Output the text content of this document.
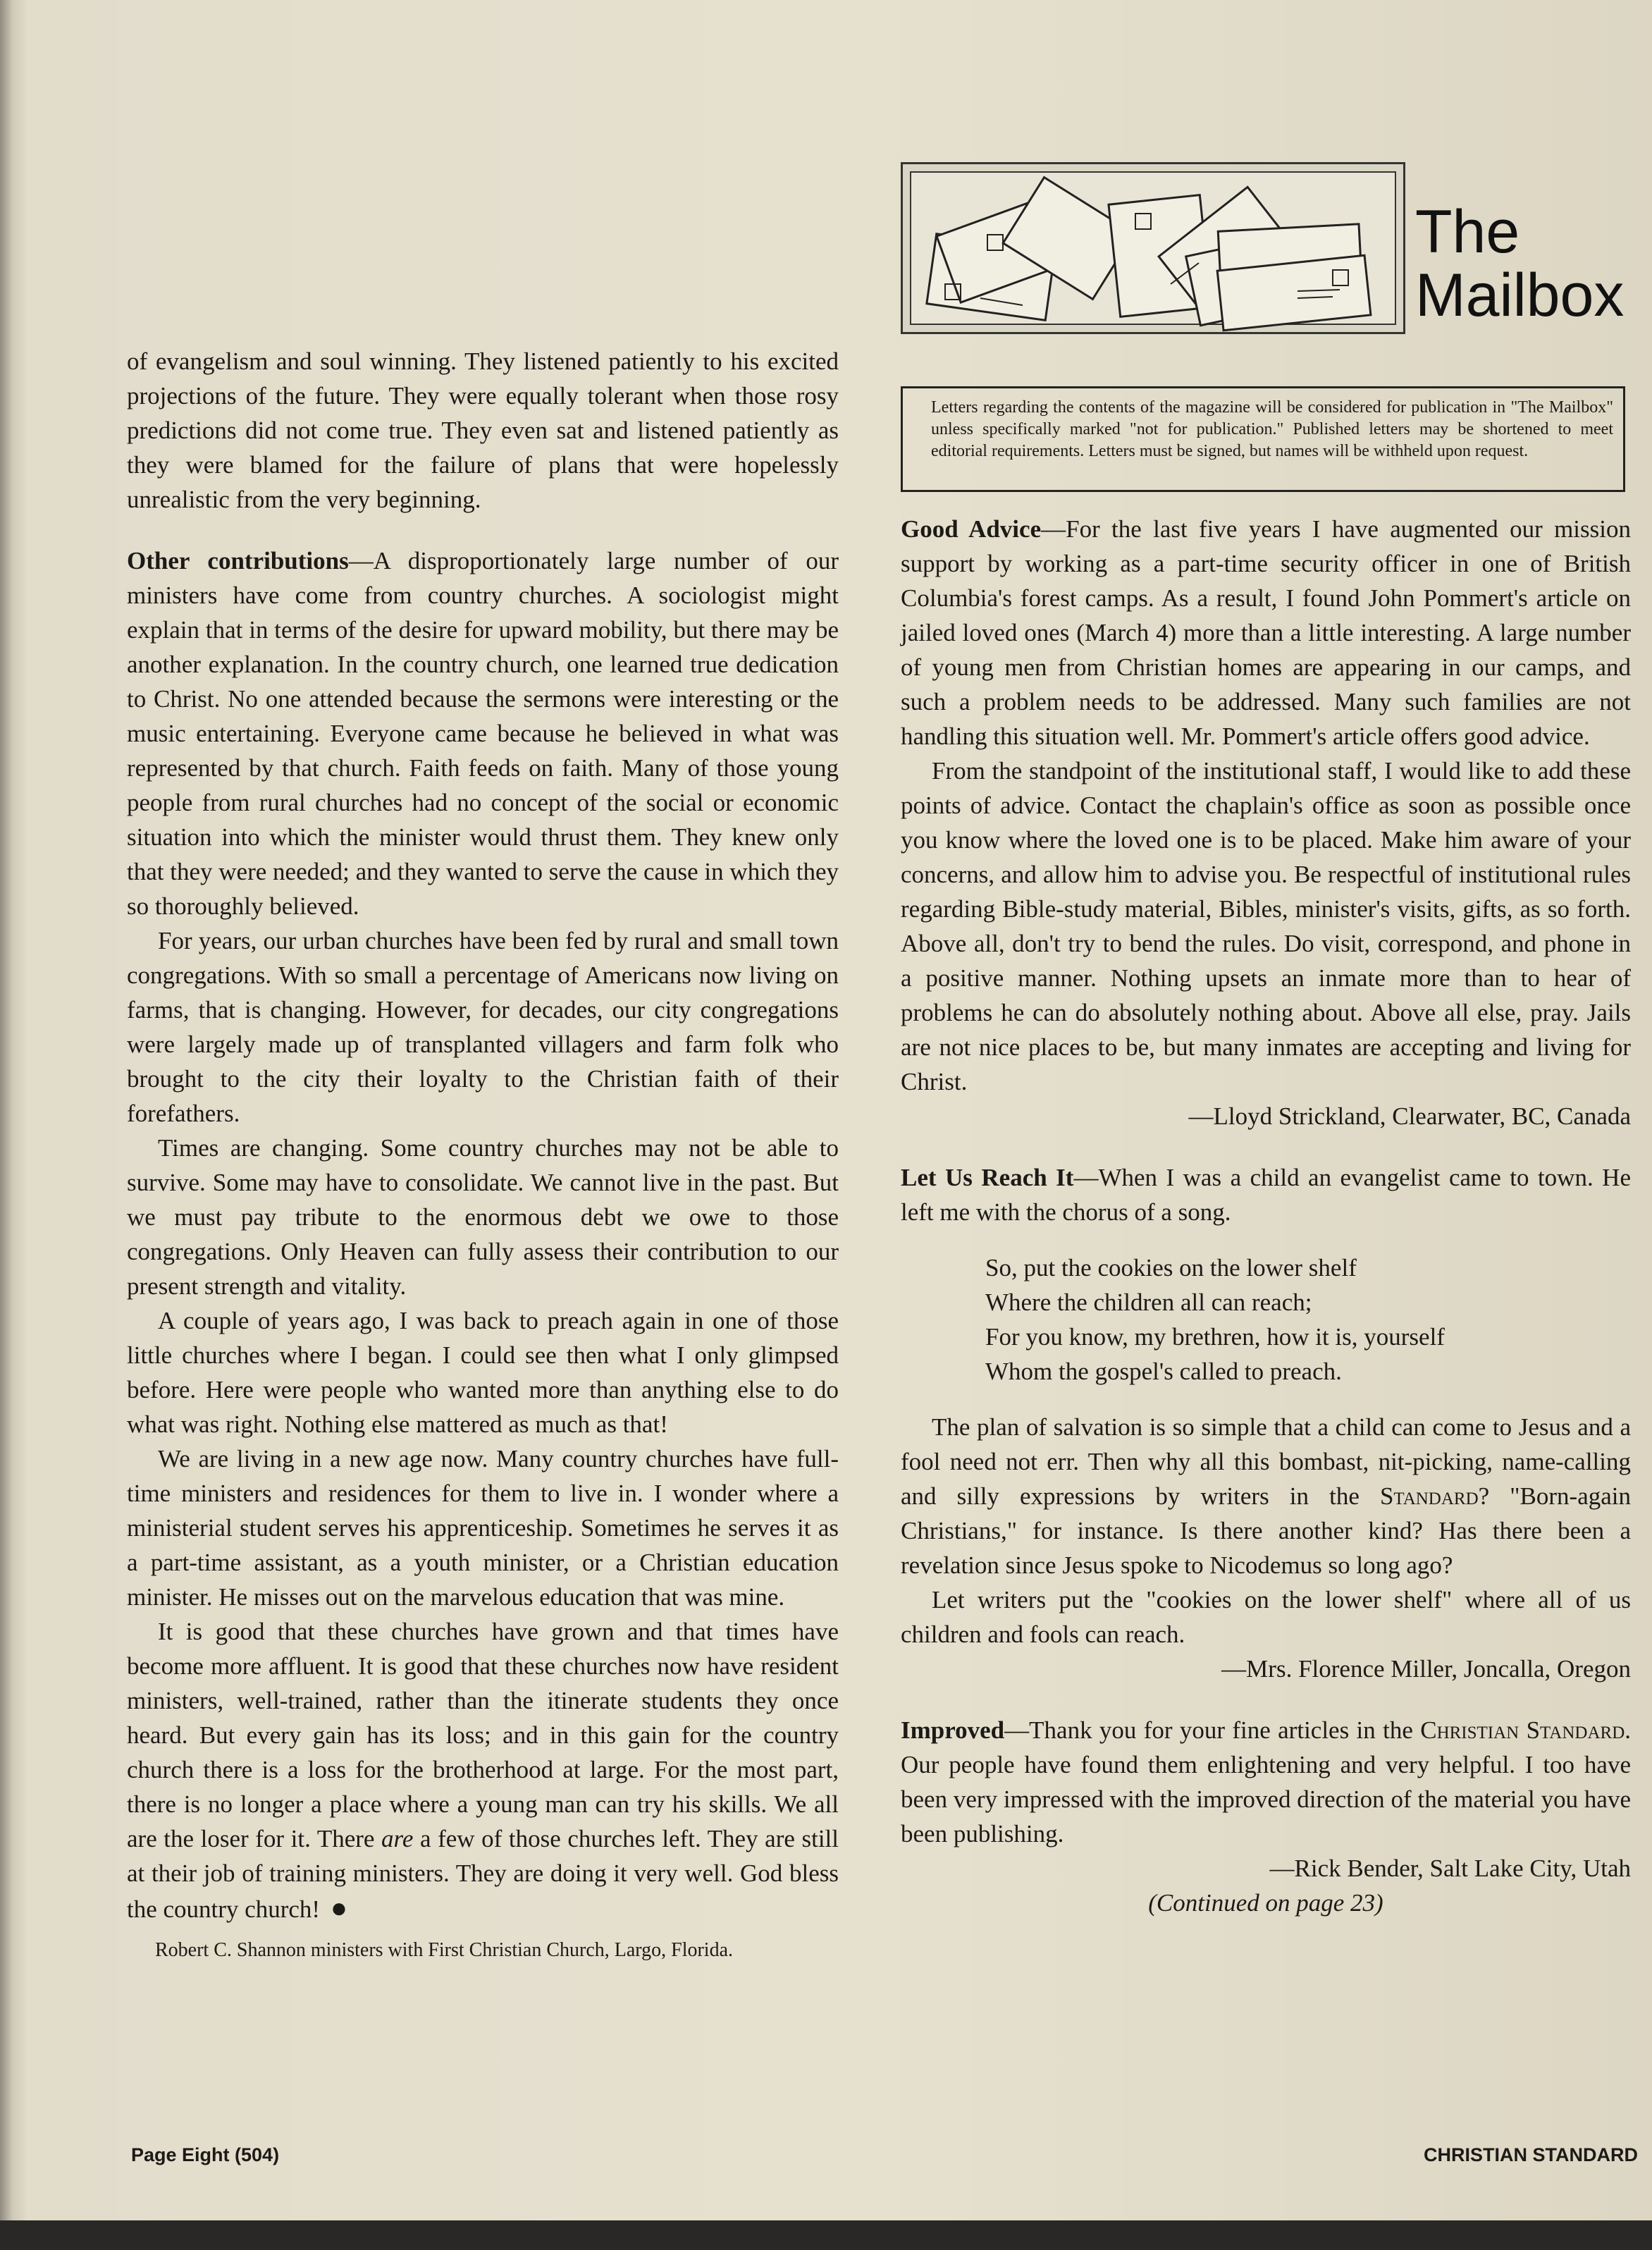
of evangelism and soul winning. They listened patiently to his excited projections of the future. They were equally tolerant when those rosy predictions did not come true. They even sat and listened patiently as they were blamed for the failure of plans that were hopelessly unrealistic from the very beginning.

Other contributions—A disproportionately large number of our ministers have come from country churches. A sociologist might explain that in terms of the desire for upward mobility, but there may be another explanation. In the country church, one learned true dedication to Christ. No one attended because the sermons were interesting or the music entertaining. Everyone came because he believed in what was represented by that church. Faith feeds on faith. Many of those young people from rural churches had no concept of the social or economic situation into which the minister would thrust them. They knew only that they were needed; and they wanted to serve the cause in which they so thoroughly believed.

For years, our urban churches have been fed by rural and small town congregations. With so small a percentage of Americans now living on farms, that is changing. However, for decades, our city congregations were largely made up of transplanted villagers and farm folk who brought to the city their loyalty to the Christian faith of their forefathers.

Times are changing. Some country churches may not be able to survive. Some may have to consolidate. We cannot live in the past. But we must pay tribute to the enormous debt we owe to those congregations. Only Heaven can fully assess their contribution to our present strength and vitality.

A couple of years ago, I was back to preach again in one of those little churches where I began. I could see then what I only glimpsed before. Here were people who wanted more than anything else to do what was right. Nothing else mattered as much as that!

We are living in a new age now. Many country churches have full-time ministers and residences for them to live in. I wonder where a ministerial student serves his apprenticeship. Sometimes he serves it as a part-time assistant, as a youth minister, or a Christian education minister. He misses out on the marvelous education that was mine.

It is good that these churches have grown and that times have become more affluent. It is good that these churches now have resident ministers, well-trained, rather than the itinerate students they once heard. But every gain has its loss; and in this gain for the country church there is a loss for the brotherhood at large. For the most part, there is no longer a place where a young man can try his skills. We all are the loser for it. There are a few of those churches left. They are still at their job of training ministers. They are doing it very well. God bless the country church! ●

Robert C. Shannon ministers with First Christian Church, Largo, Florida.
The
Mailbox
Letters regarding the contents of the magazine will be considered for publication in "The Mailbox" unless specifically marked "not for publication." Published letters may be shortened to meet editorial requirements. Letters must be signed, but names will be withheld upon request.

Good Advice—For the last five years I have augmented our mission support by working as a part-time security officer in one of British Columbia's forest camps. As a result, I found John Pommert's article on jailed loved ones (March 4) more than a little interesting. A large number of young men from Christian homes are appearing in our camps, and such a problem needs to be addressed. Many such families are not handling this situation well. Mr. Pommert's article offers good advice.

From the standpoint of the institutional staff, I would like to add these points of advice. Contact the chaplain's office as soon as possible once you know where the loved one is to be placed. Make him aware of your concerns, and allow him to advise you. Be respectful of institutional rules regarding Bible-study material, Bibles, minister's visits, gifts, as so forth. Above all, don't try to bend the rules. Do visit, correspond, and phone in a positive manner. Nothing upsets an inmate more than to hear of problems he can do absolutely nothing about. Above all else, pray. Jails are not nice places to be, but many inmates are accepting and living for Christ.

—Lloyd Strickland, Clearwater, BC, Canada

Let Us Reach It—When I was a child an evangelist came to town. He left me with the chorus of a song.

So, put the cookies on the lower shelf
Where the children all can reach;
For you know, my brethren, how it is, yourself
Whom the gospel's called to preach.

The plan of salvation is so simple that a child can come to Jesus and a fool need not err. Then why all this bombast, nit-picking, name-calling and silly expressions by writers in the Standard? "Born-again Christians," for instance. Is there another kind? Has there been a revelation since Jesus spoke to Nicodemus so long ago?

Let writers put the "cookies on the lower shelf" where all of us children and fools can reach.

—Mrs. Florence Miller, Joncalla, Oregon

Improved—Thank you for your fine articles in the Christian Standard. Our people have found them enlightening and very helpful. I too have been very impressed with the improved direction of the material you have been publishing.

—Rick Bender, Salt Lake City, Utah

(Continued on page 23)

Page Eight (504)	CHRISTIAN STANDARD
